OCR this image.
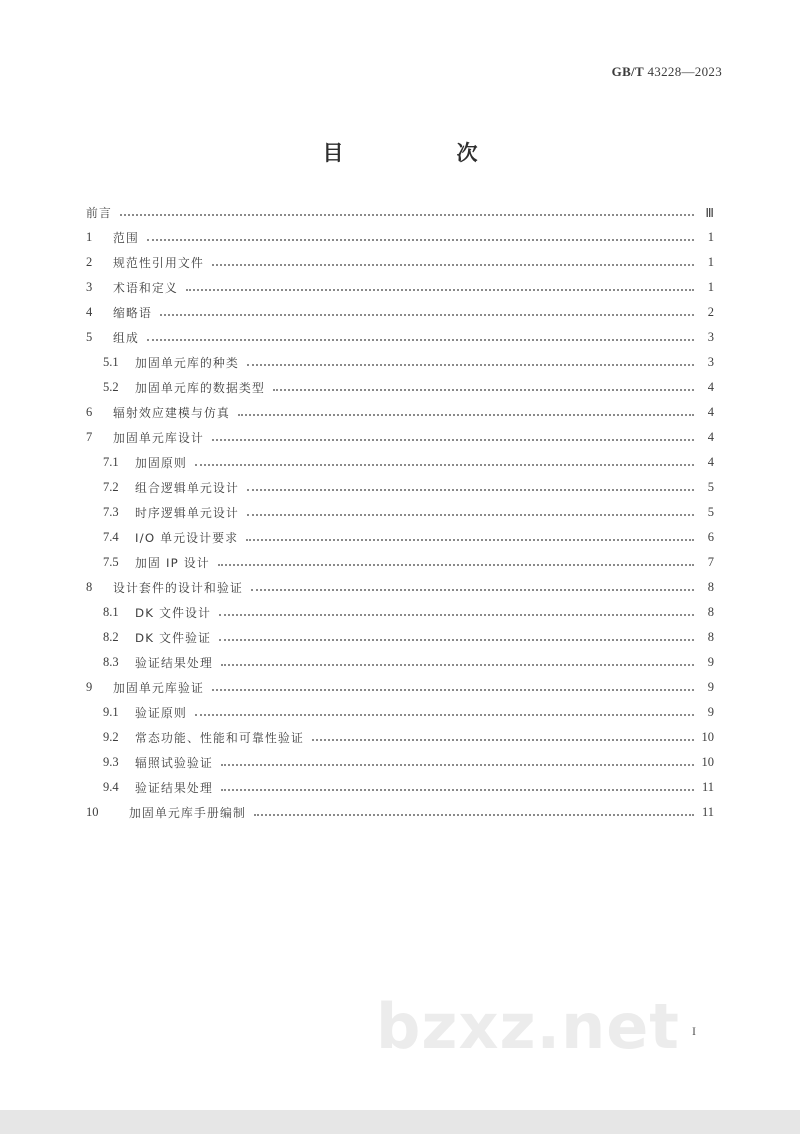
GB/T 43228—2023
目　次
前言	Ⅲ
1	范围	1
2	规范性引用文件	1
3	术语和定义	1
4	缩略语	2
5	组成	3
5.1	加固单元库的种类	3
5.2	加固单元库的数据类型	4
6	辐射效应建模与仿真	4
7	加固单元库设计	4
7.1	加固原则	4
7.2	组合逻辑单元设计	5
7.3	时序逻辑单元设计	5
7.4	I/O 单元设计要求	6
7.5	加固 IP 设计	7
8	设计套件的设计和验证	8
8.1	DK 文件设计	8
8.2	DK 文件验证	8
8.3	验证结果处理	9
9	加固单元库验证	9
9.1	验证原则	9
9.2	常态功能、性能和可靠性验证	10
9.3	辐照试验验证	10
9.4	验证结果处理	11
10	加固单元库手册编制	11
bzxz.net I
